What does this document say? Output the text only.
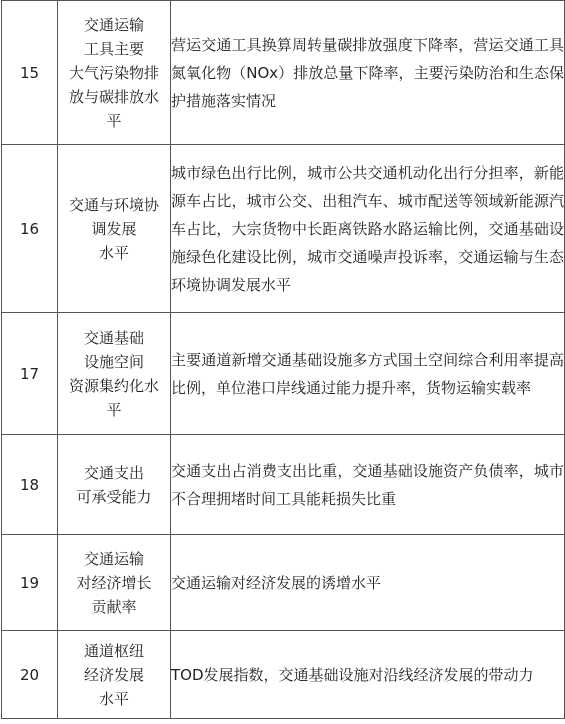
15	交通运输
工具主要
大气污染物排
放与碳排放水
平	营运交通工具换算周转量碳排放强度下降率，营运交通工具氮氧化物（NOx）排放总量下降率，主要污染防治和生态保护措施落实情况
16	交通与环境协
调发展
水平	城市绿色出行比例，城市公共交通机动化出行分担率，新能源车占比，城市公交、出租汽车、城市配送等领域新能源汽车占比，大宗货物中长距离铁路水路运输比例，交通基础设施绿色化建设比例，城市交通噪声投诉率，交通运输与生态环境协调发展水平
17	交通基础
设施空间
资源集约化水
平	主要通道新增交通基础设施多方式国土空间综合利用率提高比例，单位港口岸线通过能力提升率，货物运输实载率
18	交通支出
可承受能力	交通支出占消费支出比重，交通基础设施资产负债率，城市不合理拥堵时间工具能耗损失比重
19	交通运输
对经济增长
贡献率	交通运输对经济发展的诱增水平
20	通道枢纽
经济发展
水平	TOD发展指数，交通基础设施对沿线经济发展的带动力
